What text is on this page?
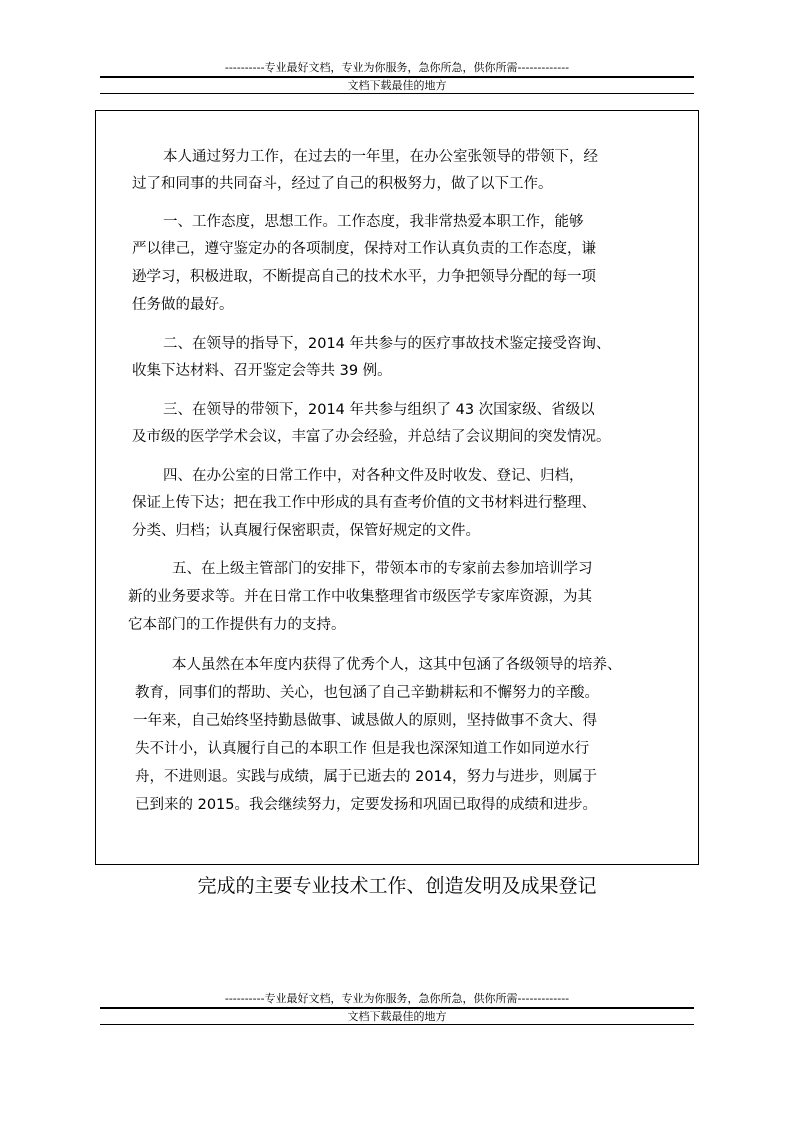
----------专业最好文档，专业为你服务，急你所急，供你所需-------------
文档下载最佳的地方
本人通过努力工作，在过去的一年里，在办公室张领导的带领下，经
过了和同事的共同奋斗，经过了自己的积极努力，做了以下工作。
一、工作态度，思想工作。工作态度，我非常热爱本职工作，能够
严以律己，遵守鉴定办的各项制度，保持对工作认真负责的工作态度，谦
逊学习，积极进取，不断提高自己的技术水平，力争把领导分配的每一项
任务做的最好。
二、在领导的指导下，2014 年共参与的医疗事故技术鉴定接受咨询、
收集下达材料、召开鉴定会等共 39 例。
三、在领导的带领下，2014 年共参与组织了 43 次国家级、省级以
及市级的医学学术会议，丰富了办会经验，并总结了会议期间的突发情况。
四、在办公室的日常工作中，对各种文件及时收发、登记、归档，
保证上传下达；把在我工作中形成的具有查考价值的文书材料进行整理、
分类、归档；认真履行保密职责，保管好规定的文件。
五、在上级主管部门的安排下，带领本市的专家前去参加培训学习
新的业务要求等。并在日常工作中收集整理省市级医学专家库资源，为其
它本部门的工作提供有力的支持。
本人虽然在本年度内获得了优秀个人，这其中包涵了各级领导的培养、
教育，同事们的帮助、关心，也包涵了自己辛勤耕耘和不懈努力的辛酸。
一年来，自己始终坚持勤恳做事、诚恳做人的原则，坚持做事不贪大、得
失不计小，认真履行自己的本职工作 但是我也深深知道工作如同逆水行
舟，不进则退。实践与成绩，属于已逝去的 2014，努力与进步，则属于
已到来的 2015。我会继续努力，定要发扬和巩固已取得的成绩和进步。
完成的主要专业技术工作、创造发明及成果登记
----------专业最好文档，专业为你服务，急你所急，供你所需-------------
文档下载最佳的地方
